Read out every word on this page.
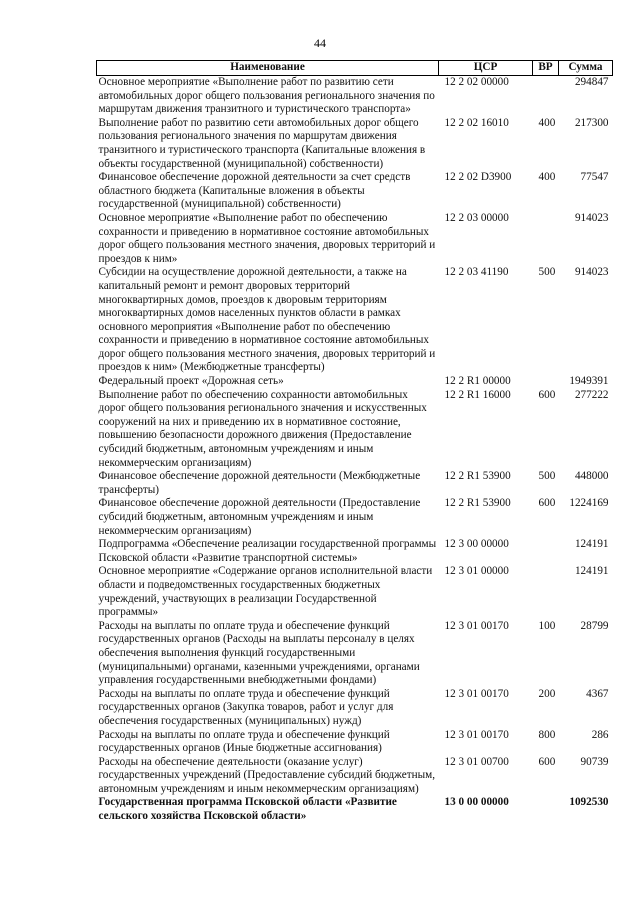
44
Наименование	ЦСР	ВР	Сумма
Основное мероприятие «Выполнение работ по развитию сети автомобильных дорог общего пользования регионального значения по маршрутам движения транзитного и туристического транспорта»	12 2 02 00000		294847
Выполнение работ по развитию сети автомобильных дорог общего пользования регионального значения по маршрутам движения транзитного и туристического транспорта (Капитальные вложения в объекты государственной (муниципальной) собственности)	12 2 02 16010	400	217300
Финансовое обеспечение дорожной деятельности за счет средств областного бюджета (Капитальные вложения в объекты государственной (муниципальной) собственности)	12 2 02 D3900	400	77547
Основное мероприятие «Выполнение работ по обеспечению сохранности и приведению в нормативное состояние автомобильных дорог общего пользования местного значения, дворовых территорий и проездов к ним»	12 2 03 00000		914023
Субсидии на осуществление дорожной деятельности, а также на капитальный ремонт и ремонт дворовых территорий многоквартирных домов, проездов к дворовым территориям многоквартирных домов населенных пунктов области в рамках основного мероприятия «Выполнение работ по обеспечению сохранности и приведению в нормативное состояние автомобильных дорог общего пользования местного значения, дворовых территорий и проездов к ним» (Межбюджетные трансферты)	12 2 03 41190	500	914023
Федеральный проект «Дорожная сеть»	12 2 R1 00000		1949391
Выполнение работ по обеспечению сохранности автомобильных дорог общего пользования регионального значения и искусственных сооружений на них и приведению их в нормативное состояние, повышению безопасности дорожного движения (Предоставление субсидий бюджетным, автономным учреждениям и иным некоммерческим организациям)	12 2 R1 16000	600	277222
Финансовое обеспечение дорожной деятельности (Межбюджетные трансферты)	12 2 R1 53900	500	448000
Финансовое обеспечение дорожной деятельности (Предоставление субсидий бюджетным, автономным учреждениям и иным некоммерческим организациям)	12 2 R1 53900	600	1224169
Подпрограмма «Обеспечение реализации государственной программы Псковской области «Развитие транспортной системы»	12 3 00 00000		124191
Основное мероприятие «Содержание органов исполнительной власти области и подведомственных государственных бюджетных учреждений, участвующих в реализации Государственной программы»	12 3 01 00000		124191
Расходы на выплаты по оплате труда и обеспечение функций государственных органов (Расходы на выплаты персоналу в целях обеспечения выполнения функций государственными (муниципальными) органами, казенными учреждениями, органами управления государственными внебюджетными фондами)	12 3 01 00170	100	28799
Расходы на выплаты по оплате труда и обеспечение функций государственных органов (Закупка товаров, работ и услуг для обеспечения государственных (муниципальных) нужд)	12 3 01 00170	200	4367
Расходы на выплаты по оплате труда и обеспечение функций государственных органов (Иные бюджетные ассигнования)	12 3 01 00170	800	286
Расходы на обеспечение деятельности (оказание услуг) государственных учреждений (Предоставление субсидий бюджетным, автономным учреждениям и иным некоммерческим организациям)	12 3 01 00700	600	90739
Государственная программа Псковской области «Развитие сельского хозяйства Псковской области»	13 0 00 00000		1092530
